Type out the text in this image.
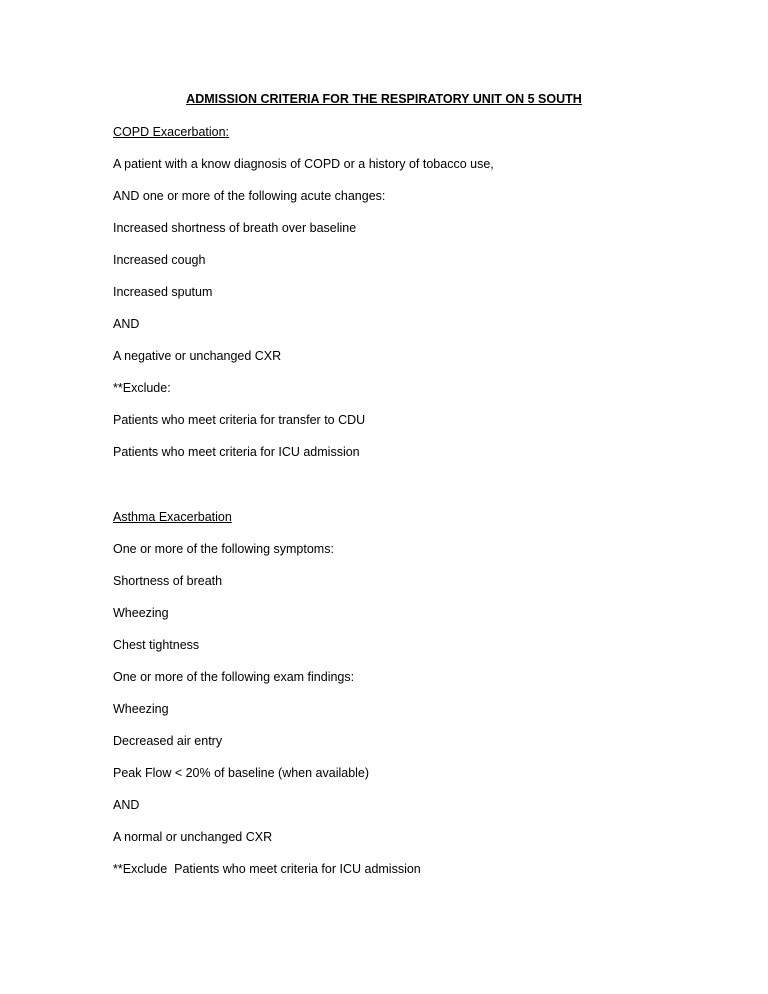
ADMISSION CRITERIA FOR THE RESPIRATORY UNIT ON 5 SOUTH
COPD Exacerbation:
A patient with a know diagnosis of COPD or a history of tobacco use,
AND one or more of the following acute changes:
Increased shortness of breath over baseline
Increased cough
Increased sputum
AND
A negative or unchanged CXR
**Exclude:
Patients who meet criteria for transfer to CDU
Patients who meet criteria for ICU admission
Asthma Exacerbation
One or more of the following symptoms:
Shortness of breath
Wheezing
Chest tightness
One or more of the following exam findings:
Wheezing
Decreased air entry
Peak Flow < 20% of baseline (when available)
AND
A normal or unchanged CXR
**Exclude  Patients who meet criteria for ICU admission
